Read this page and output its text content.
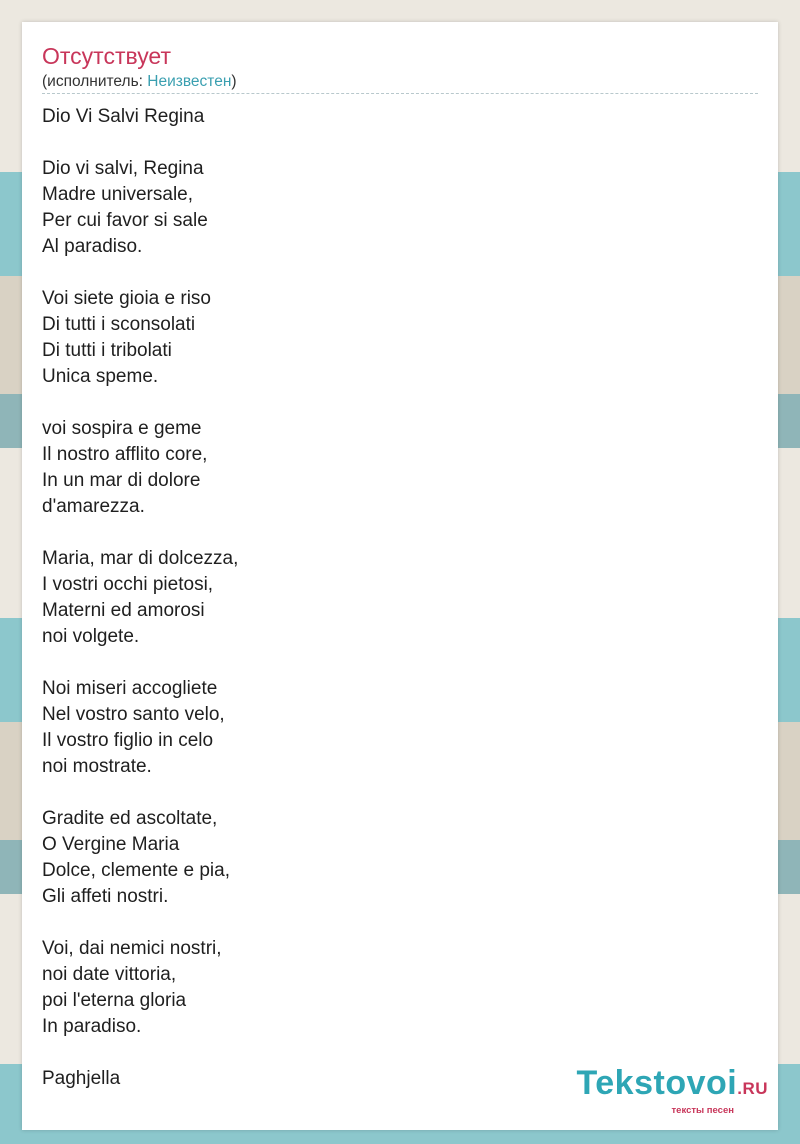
Отсутствует
(исполнитель: Неизвестен)
Dio Vi Salvi Regina
Dio vi salvi, Regina
Madre universale,
Per cui favor si sale
Al paradiso.
Voi siete gioia e riso
Di tutti i sconsolati
Di tutti i tribolati
Unica speme.
voi sospira e geme
Il nostro afflito core,
In un mar di dolore
d'amarezza.
Maria, mar di dolcezza,
I vostri occhi pietosi,
Materni ed amorosi
noi volgete.
Noi miseri accogliete
Nel vostro santo velo,
Il vostro figlio in celo
noi mostrate.
Gradite ed ascoltate,
O Vergine Maria
Dolce, clemente e pia,
Gli affeti nostri.
Voi, dai nemici nostri,
noi date vittoria,
poi l'eterna gloria
In paradiso.
Paghjella	Tekstovoi.RU
тексты песен
